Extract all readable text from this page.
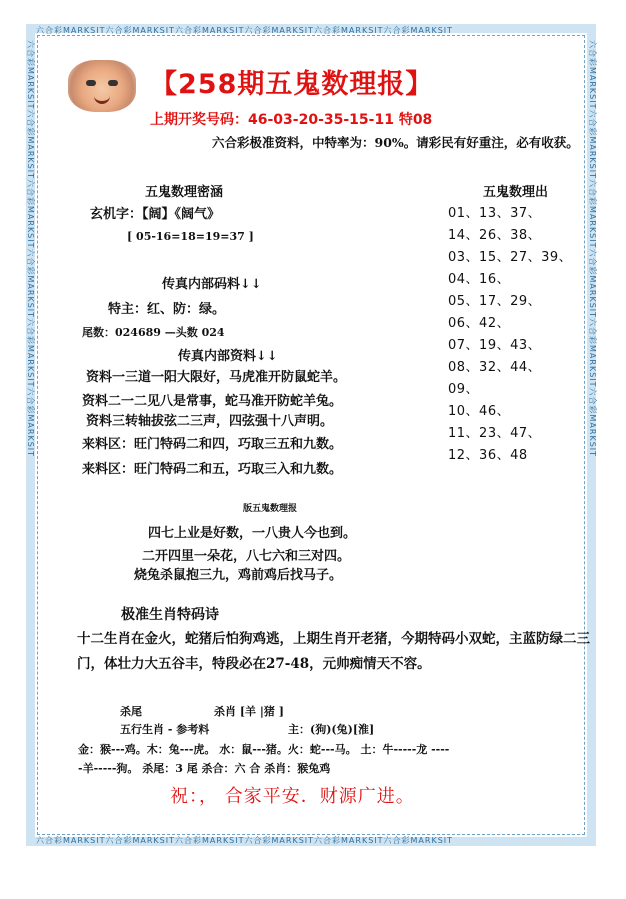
六合彩MARKSIT六合彩MARKSIT六合彩MARKSIT六合彩MARKSIT六合彩MARKSIT六合彩MARKSIT
六合彩MARKSIT六合彩MARKSIT六合彩MARKSIT六合彩MARKSIT六合彩MARKSIT六合彩MARKSIT
六合彩MARKSIT六合彩MARKSIT六合彩MARKSIT六合彩MARKSIT六合彩MARKSIT六合彩MARKSIT	六合彩MARKSIT六合彩MARKSIT六合彩MARKSIT六合彩MARKSIT六合彩MARKSIT六合彩MARKSIT
【258期五鬼数理报】
上期开奖号码：46-03-20-35-15-11 特08
六合彩极准资料，中特率为：90%。请彩民有好重注，必有收获。
五鬼数理密涵	五鬼数理出
玄机字：【阔】《阔气》
[ 05-16=18=19=37 ]
传真内部码料↓↓
特主：红、防：绿。
尾数：024689 —头数 024
传真内部资料↓↓
资料一三道一阳大限好，马虎准开防鼠蛇羊。
资料二一二见八是常事，蛇马准开防蛇羊兔。
资料三转轴拔弦二三声，四弦强十八声明。
来料区：旺门特码二和四，巧取三五和九数。
来料区：旺门特码二和五，巧取三入和九数。
01、13、37、
14、26、38、
03、15、27、39、
04、16、
05、17、29、
06、42、
07、19、43、
08、32、44、
09、
10、46、
11、23、47、
12、36、48
版五鬼数理报
四七上业是好数，一八贵人今也到。
二开四里一朵花，八七六和三对四。
烧兔杀鼠抱三九，鸡前鸡后找马子。
极准生肖特码诗
十二生肖在金火，蛇猪后怕狗鸡逃，上期生肖开老猪，今期特码小双蛇，主蓝防绿二三门，体壮力大五谷丰，特段必在27-48，元帅痴情天不容。
杀尾	杀肖 [羊 |猪 ]
五行生肖 - 参考料	主：(狗)(兔)[淮]
金：猴---鸡。木：兔---虎。 水：鼠---猪。火：蛇---马。 土：牛-----龙 ----
-羊-----狗。 杀尾：3 尾 杀合：六 合 杀肖：猴兔鸡
祝：， 合家平安．财源广进。
